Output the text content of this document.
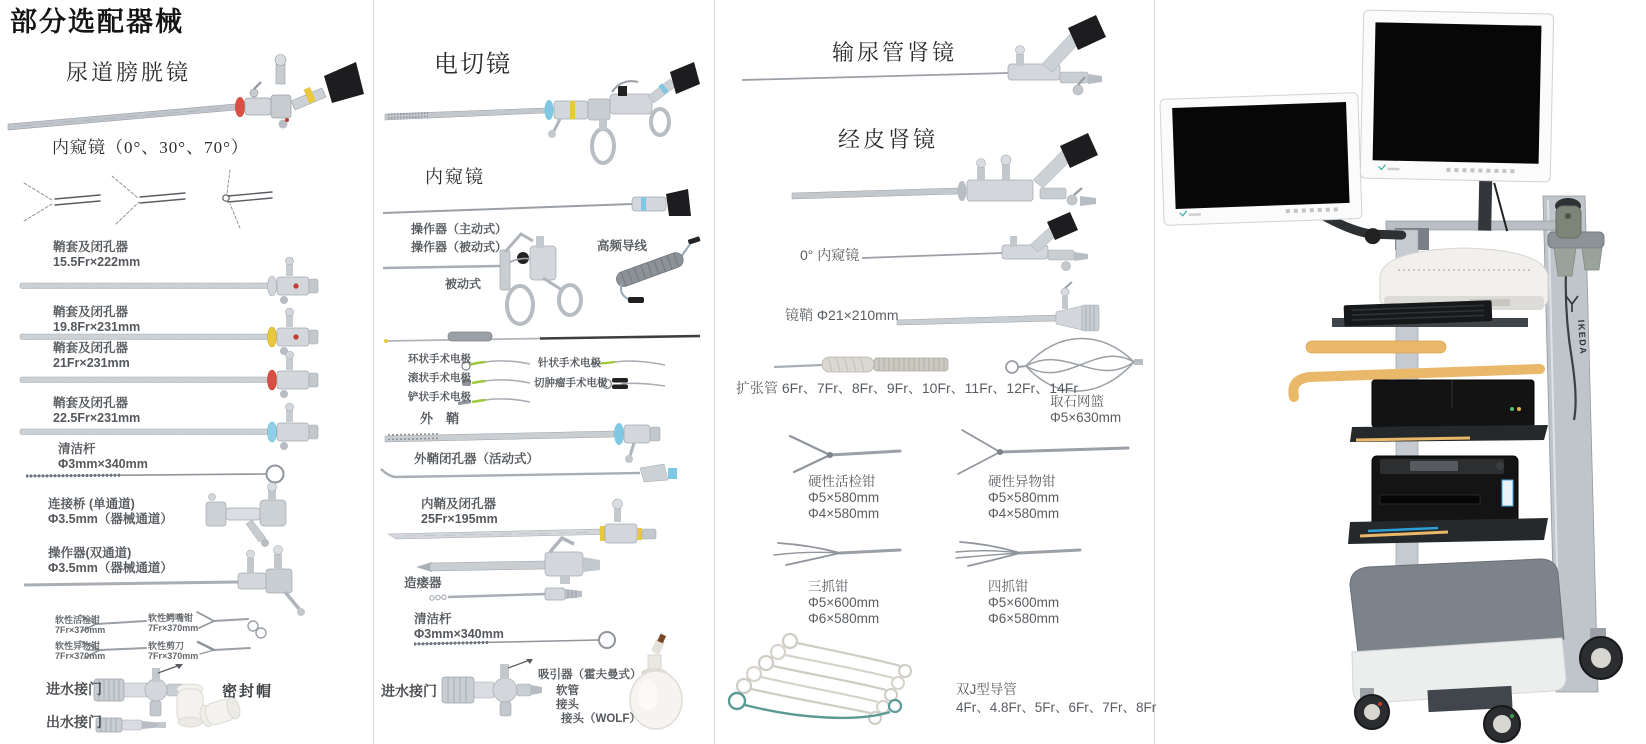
IKEDA
部分选配器械
尿道膀胱镜
内窥镜（0°、30°、70°）
鞘套及闭孔器
15.5Fr×222mm
鞘套及闭孔器
19.8Fr×231mm
鞘套及闭孔器
21Fr×231mm
鞘套及闭孔器
22.5Fr×231mm
清洁杆
Φ3mm×340mm
连接桥 (单通道)
Φ3.5mm（器械通道）
操作器(双通道)
Φ3.5mm（器械通道）
软性活检钳
7Fr×370mm
软性鳄嘴钳
7Fr×370mm
软性异物钳
7Fr×370mm
软性剪刀
7Fr×370mm
进水接门	密封帽
出水接门
电切镜
内窥镜
操作器（主动式）
操作器（被动式）	高频导线
被动式
环状手术电极
滚状手术电极
铲状手术电极
针状手术电极
切肿瘤手术电极
外　鞘
外鞘闭孔器（活动式）
内鞘及闭孔器
25Fr×195mm
造瘘器
清洁杆
Φ3mm×340mm
进水接门
吸引器（霍夫曼式）
软管
接头
接头（WOLF）
输尿管肾镜
经皮肾镜
0° 内窥镜
镜鞘 Φ21×210mm
扩张管 6Fr、7Fr、8Fr、9Fr、10Fr、11Fr、12Fr、14Fr
取石网篮
Φ5×630mm
硬性活检钳
Φ5×580mm
Φ4×580mm
硬性异物钳
Φ5×580mm
Φ4×580mm
三抓钳
Φ5×600mm
Φ6×580mm
四抓钳
Φ5×600mm
Φ6×580mm
双J型导管
4Fr、4.8Fr、5Fr、6Fr、7Fr、8Fr
